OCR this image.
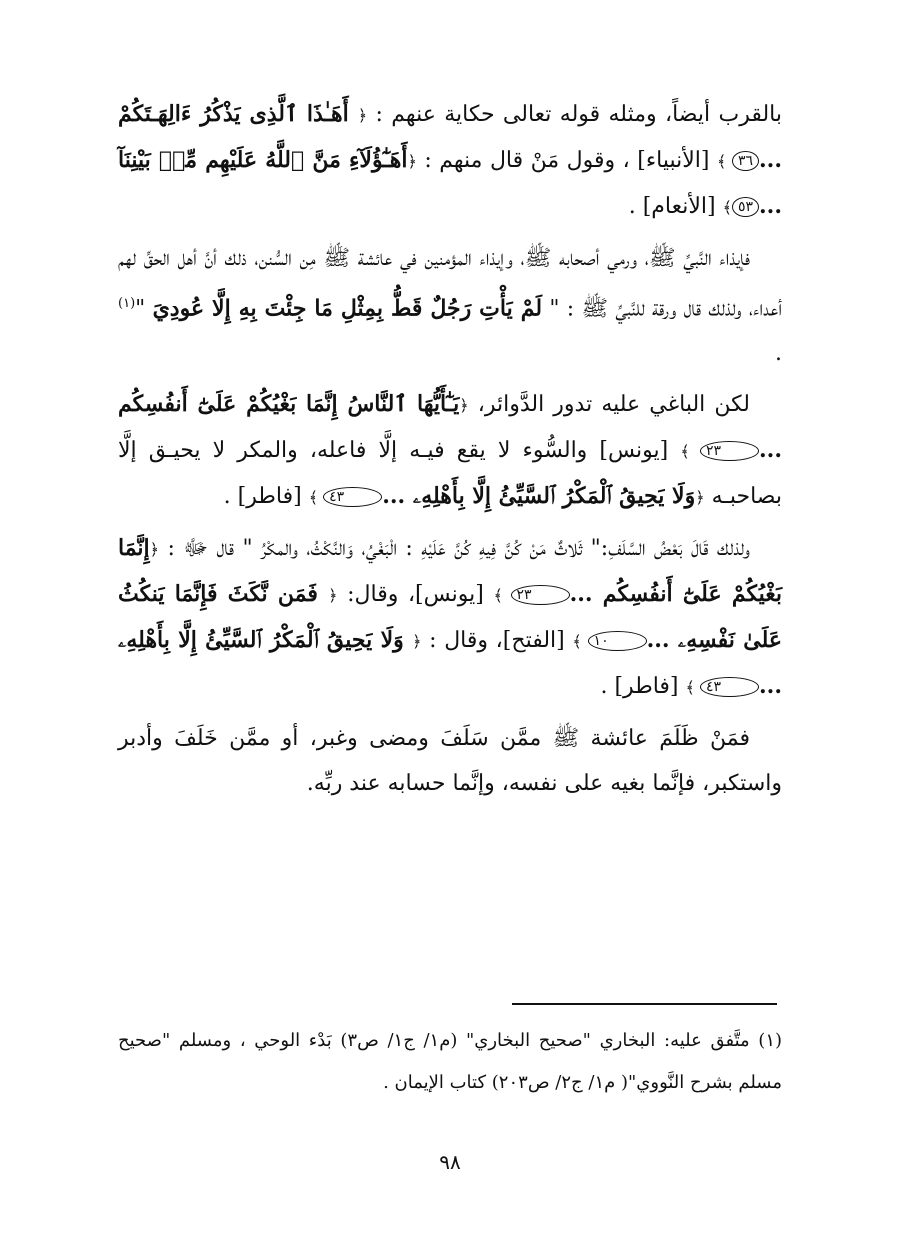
بالقرب أيضاً، ومثله قوله تعالى حكاية عنهم : ﴿ أَهَـٰذَا ٱلَّذِى يَذْكُرُ ءَالِهَـتَكُمْ ...٣٦ ﴾ [الأنبياء] ، وقول مَنْ قال منهم : ﴿أَهَـٰٓؤُلَآءِ مَنَّ ٱللَّهُ عَلَيْهِم مِّنۢ بَيْنِنَآ ...٥٣﴾ [الأنعام] .

فإيذاء النَّبيِّ ﷺ، ورمي أصحابه ﷺ، وإيذاء المؤمنين في عائشة ﷺ مِن السُّنن، ذلك أنَّ أهل الحقِّ لهم أعداء، ولذلك قال ورقة للنَّبيِّ ﷺ : " لَمْ يَأْتِ رَجُلٌ قَطُّ بِمِثْلِ مَا جِئْتَ بِهِ إِلَّا عُودِيَ "$^{(١)}$ .

لكن الباغي عليه تدور الدَّوائر، ﴿يَـٰٓأَيُّهَا ٱلنَّاسُ إِنَّمَا بَغْيُكُمْ عَلَىٰٓ أَنفُسِكُم ...٢٣ ﴾ [يونس] والسُّوء لا يقع فيـه إلَّا فاعله، والمكر لا يحيـق إلَّا بصاحبـه ﴿وَلَا يَحِيقُ ٱلْمَكْرُ ٱلسَّيِّئُ إِلَّا بِأَهْلِهِۦ ...٤٣ ﴾ [فاطر] .

ولذلك قَالَ بَعْضُ السَّلَفِ:" ثَلاثٌ مَنْ كُنَّ فِيهِ كُنَّ عَلَيْهِ : الْبَغْيُ، وَالنَّكْثُ، والمكْرُ " قال ﷻ : ﴿إِنَّمَا بَغْيُكُمْ عَلَىٰٓ أَنفُسِكُم ...٢٣ ﴾ [يونس]، وقال: ﴿ فَمَن نَّكَثَ فَإِنَّمَا يَنكُثُ عَلَىٰ نَفْسِهِۦ ...١٠ ﴾ [الفتح]، وقال : ﴿ وَلَا يَحِيقُ ٱلْمَكْرُ ٱلسَّيِّئُ إِلَّا بِأَهْلِهِۦ ...٤٣ ﴾ [فاطر] .

فمَنْ ظَلَمَ عائشة ﷺ ممَّن سَلَفَ ومضى وغبر، أو ممَّن خَلَفَ وأدبر واستكبر، فإنَّما بغيه على نفسه، وإنَّما حسابه عند ربِّه.

(١) متَّفق عليه: البخاري "صحيح البخاري" (م١/ ج١/ ص٣) بَدْء الوحي ، ومسلم "صحيح مسلم بشرح النَّووي"( م١/ ج٢/ ص٢٠٣) كتاب الإيمان .
٩٨
